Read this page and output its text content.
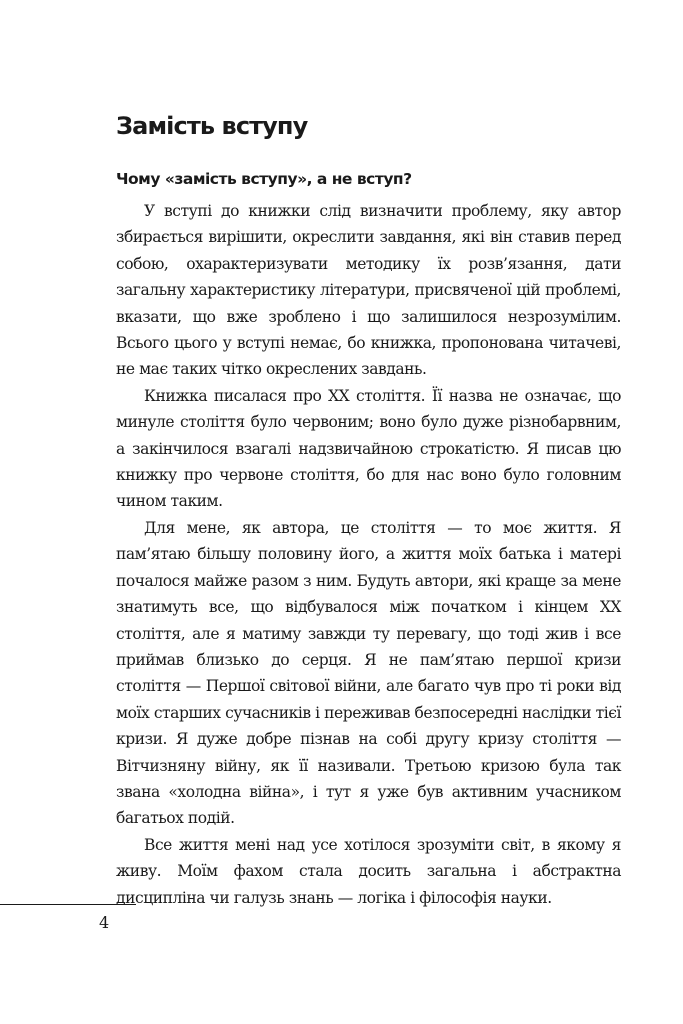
Замість вступу
Чому «замість вступу», а не вступ?

У вступі до книжки слід визначити проблему, яку автор збирається вирішити, окреслити завдання, які він ставив перед собою, охарактеризувати методику їх розв’язання, дати загальну характеристику літератури, присвяченої цій проблемі, вказати, що вже зроблено і що залишилося незрозумілим. Всього цього у вступі немає, бо книжка, пропонована читачеві, не має таких чітко окреслених завдань.

Книжка писалася про XX століття. Її назва не означає, що минуле століття було червоним; воно було дуже різнобарвним, а закінчилося взагалі надзвичайною строкатістю. Я писав цю книжку про червоне століття, бо для нас воно було головним чином таким.

Для мене, як автора, це століття — то моє життя. Я пам’ятаю більшу половину його, а життя моїх батька і матері почалося майже разом з ним. Будуть автори, які краще за мене знатимуть все, що відбувалося між початком і кінцем XX століття, але я матиму завжди ту перевагу, що тоді жив і все приймав близько до серця. Я не пам’ятаю першої кризи століття — Першої світової війни, але багато чув про ті роки від моїх старших сучасників і переживав безпосередні наслідки тієї кризи. Я дуже добре пізнав на собі другу кризу століття — Вітчизняну війну, як її називали. Третьою кризою була так звана «холодна війна», і тут я уже був активним учасником багатьох подій.

Все життя мені над усе хотілося зрозуміти світ, в якому я живу. Моїм фахом стала досить загальна і абстрактна дисципліна чи галузь знань — логіка і філософія науки.

4
